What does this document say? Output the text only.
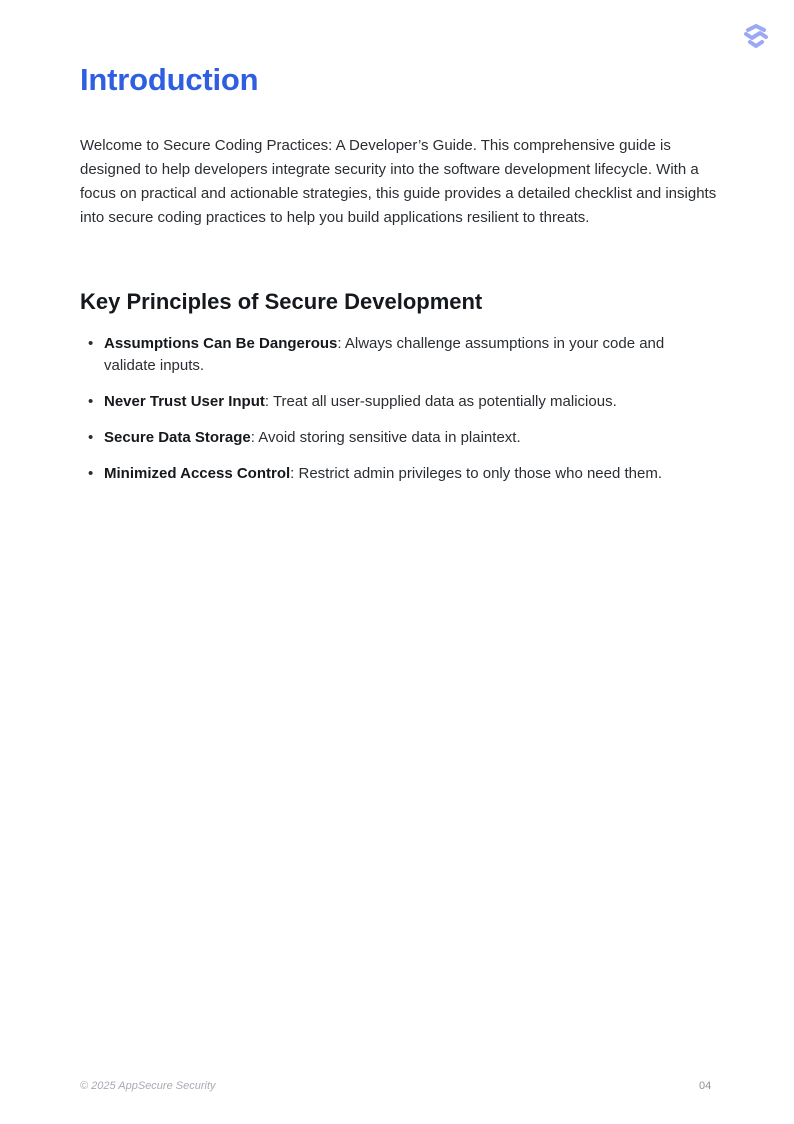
Introduction

Welcome to Secure Coding Practices: A Developer’s Guide. This comprehensive guide is designed to help developers integrate security into the software development lifecycle. With a focus on practical and actionable strategies, this guide provides a detailed checklist and insights into secure coding practices to help you build applications resilient to threats.

Key Principles of Secure Development
• Assumptions Can Be Dangerous: Always challenge assumptions in your code and validate inputs.
• Never Trust User Input: Treat all user-supplied data as potentially malicious.
• Secure Data Storage: Avoid storing sensitive data in plaintext.
• Minimized Access Control: Restrict admin privileges to only those who need them.
© 2025 AppSecure Security	04
